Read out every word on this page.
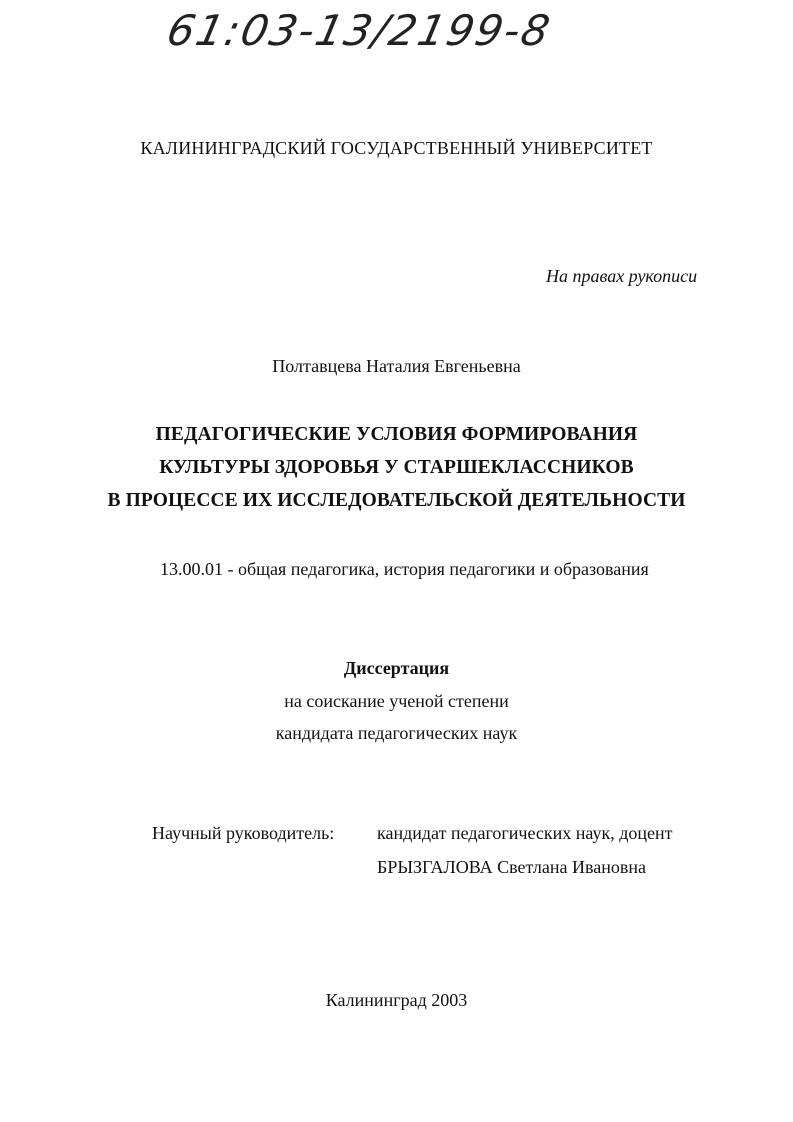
61:03-13/2199-8
КАЛИНИНГРАДСКИЙ ГОСУДАРСТВЕННЫЙ УНИВЕРСИТЕТ
На правах рукописи
Полтавцева Наталия Евгеньевна
ПЕДАГОГИЧЕСКИЕ УСЛОВИЯ ФОРМИРОВАНИЯ
КУЛЬТУРЫ ЗДОРОВЬЯ У СТАРШЕКЛАССНИКОВ
В ПРОЦЕССЕ ИХ ИССЛЕДОВАТЕЛЬСКОЙ ДЕЯТЕЛЬНОСТИ
13.00.01 - общая педагогика, история педагогики и образования
Диссертация
на соискание ученой степени
кандидата педагогических наук
Научный руководитель: кандидат педагогических наук, доцент
БРЫЗГАЛОВА Светлана Ивановна
Калининград 2003
